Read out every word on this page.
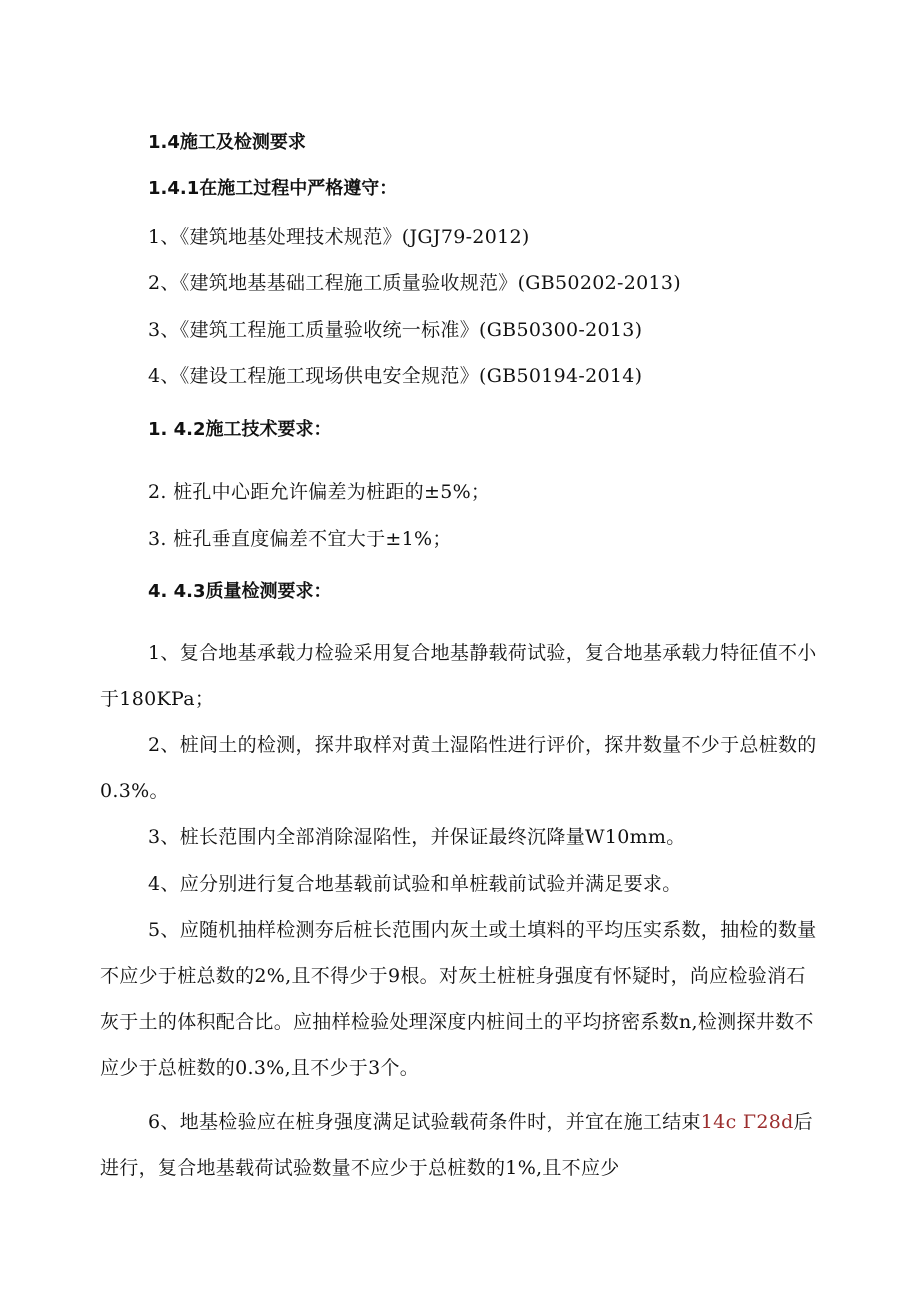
1.4施工及检测要求
1.4.1在施工过程中严格遵守：
1、《建筑地基处理技术规范》(JGJ79-2012)
2、《建筑地基基础工程施工质量验收规范》(GB50202-2013)
3、《建筑工程施工质量验收统一标准》(GB50300-2013)
4、《建设工程施工现场供电安全规范》(GB50194-2014)
1. 4.2施工技术要求：
2. 桩孔中心距允许偏差为桩距的±5%；
3. 桩孔垂直度偏差不宜大于±1%；
4. 4.3质量检测要求：
1、复合地基承载力检验采用复合地基静载荷试验，复合地基承载力特征值不小
于180KPa；
2、桩间土的检测，探井取样对黄土湿陷性进行评价，探井数量不少于总桩数的
0.3%。
3、桩长范围内全部消除湿陷性，并保证最终沉降量W10mm。
4、应分别进行复合地基载前试验和单桩载前试验并满足要求。
5、应随机抽样检测夯后桩长范围内灰土或土填料的平均压实系数，抽检的数量
不应少于桩总数的2%,且不得少于9根。对灰土桩桩身强度有怀疑时，尚应检验消石
灰于土的体积配合比。应抽样检验处理深度内桩间土的平均挤密系数n,检测探井数不
应少于总桩数的0.3%,且不少于3个。
6、地基检验应在桩身强度满足试验载荷条件时，并宜在施工结束14c Γ28d后
进行，复合地基载荷试验数量不应少于总桩数的1%,且不应少
